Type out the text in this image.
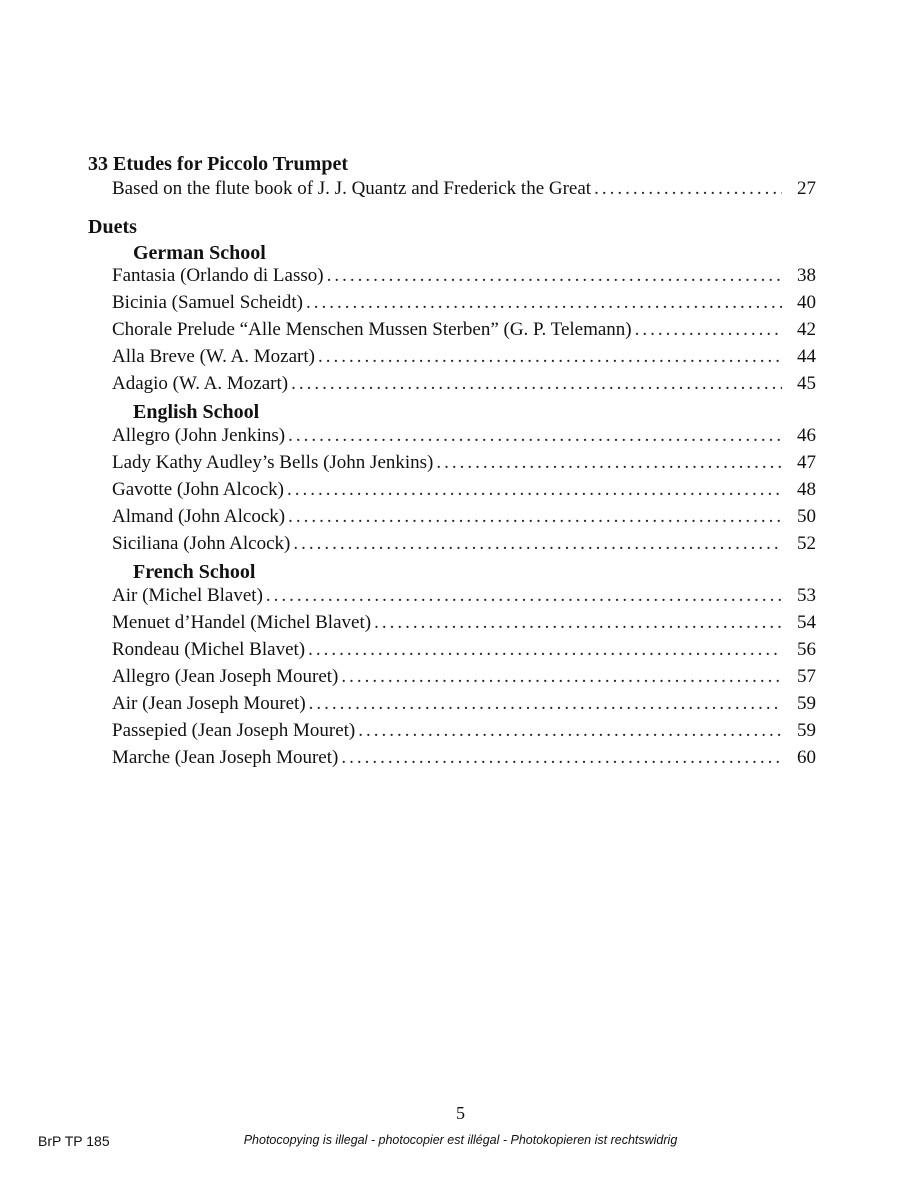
33 Etudes for Piccolo Trumpet
Based on the flute book of J. J. Quantz and Frederick the Great .....	27
Duets
German School
Fantasia (Orlando di Lasso) .....	38
Bicinia (Samuel Scheidt) .....	40
Chorale Prelude “Alle Menschen Mussen Sterben” (G. P. Telemann) .....	42
Alla Breve (W. A. Mozart) .....	44
Adagio (W. A. Mozart) .....	45
English School
Allegro (John Jenkins) .....	46
Lady Kathy Audley’s Bells (John Jenkins) .....	47
Gavotte (John Alcock) .....	48
Almand (John Alcock) .....	50
Siciliana (John Alcock) .....	52
French School
Air (Michel Blavet) .....	53
Menuet d’Handel (Michel Blavet) .....	54
Rondeau (Michel Blavet) .....	56
Allegro (Jean Joseph Mouret) .....	57
Air (Jean Joseph Mouret) .....	59
Passepied (Jean Joseph Mouret) .....	59
Marche (Jean Joseph Mouret) .....	60
5
BrP TP 185	Photocopying is illegal - photocopier est illégal - Photokopieren ist rechtswidrig
